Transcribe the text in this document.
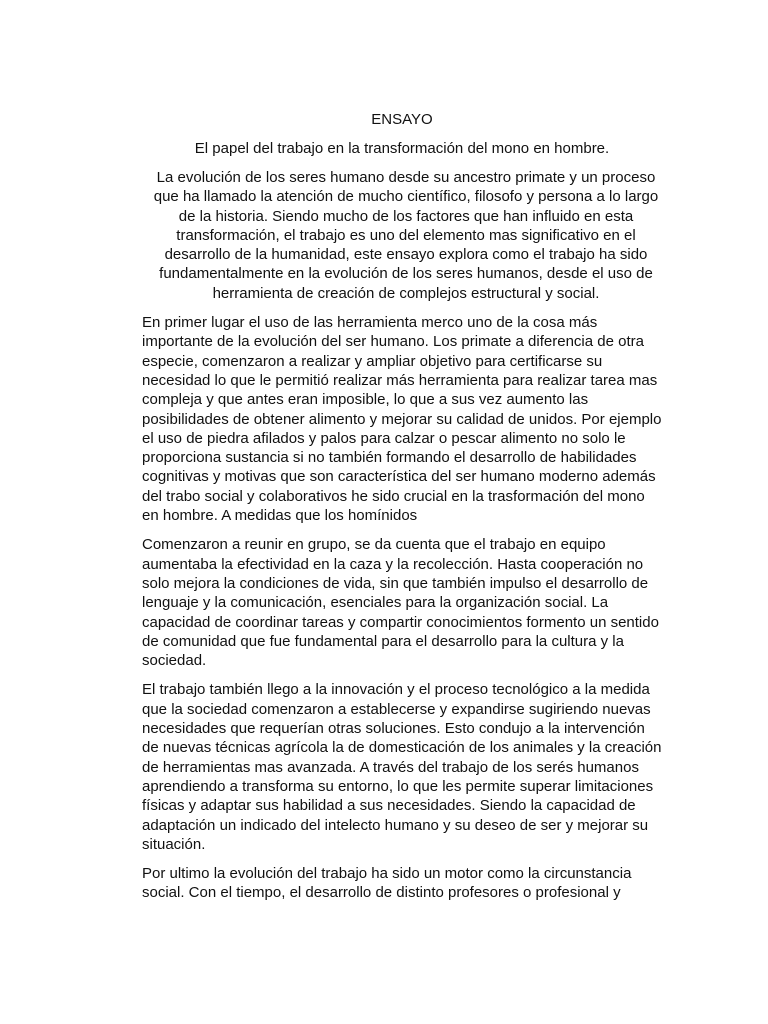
ENSAYO
El papel del trabajo en la transformación del mono en hombre.
La evolución de los seres humano desde su ancestro primate y un proceso que ha llamado la atención de mucho científico, filosofo y persona a lo largo de la historia. Siendo mucho de los factores que han influido en esta transformación, el trabajo es uno del elemento mas significativo en el desarrollo de la humanidad, este ensayo explora como el trabajo ha sido fundamentalmente en la evolución de los seres humanos, desde el uso de herramienta de creación de complejos estructural y social.
En primer lugar el uso de las herramienta merco uno de la cosa más importante de la evolución del ser humano. Los primate a diferencia de otra especie, comenzaron a realizar y ampliar objetivo para certificarse su necesidad lo que le permitió realizar más herramienta para realizar tarea mas compleja y que antes eran imposible, lo que a sus vez aumento las posibilidades de obtener alimento y mejorar su calidad de unidos. Por ejemplo el uso de piedra afilados y palos para calzar o pescar alimento no solo le proporciona sustancia si no también formando el desarrollo de habilidades cognitivas y motivas que son característica del ser humano moderno además del trabo social y colaborativos he sido crucial en la trasformación del mono en hombre. A medidas que los homínidos
Comenzaron a reunir en grupo, se da cuenta que el trabajo en equipo aumentaba la efectividad en la caza y la recolección. Hasta cooperación no solo mejora la condiciones de vida, sin que también impulso el desarrollo de lenguaje y la comunicación, esenciales para la organización social. La capacidad de coordinar tareas y compartir conocimientos formento un sentido de comunidad que fue fundamental para el desarrollo para la cultura y la sociedad.
El trabajo también llego a la innovación y el proceso tecnológico a la medida que la sociedad comenzaron a establecerse y expandirse sugiriendo nuevas necesidades que requerían otras soluciones. Esto condujo a la intervención de nuevas técnicas agrícola la de domesticación de los animales y la creación de herramientas mas avanzada. A través del trabajo de los serés humanos aprendiendo a transforma su entorno, lo que les permite superar limitaciones físicas y adaptar sus habilidad a sus necesidades. Siendo la capacidad de adaptación un indicado del intelecto humano y su deseo de ser y mejorar su situación.
Por ultimo la evolución del trabajo ha sido un motor como la circunstancia social. Con el tiempo, el desarrollo de distinto profesores o profesional y
